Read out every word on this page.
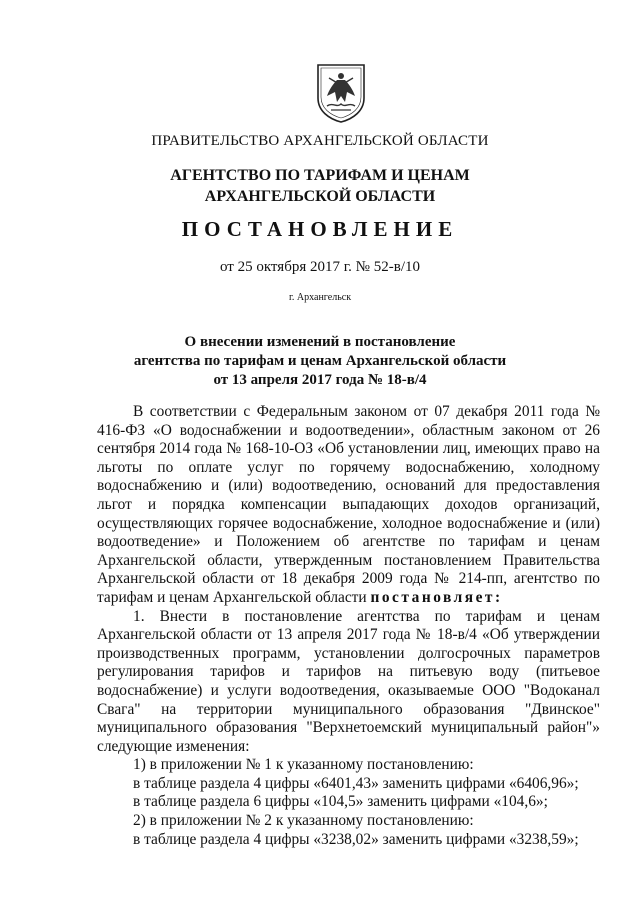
ПРАВИТЕЛЬСТВО АРХАНГЕЛЬСКОЙ ОБЛАСТИ
АГЕНТСТВО ПО ТАРИФАМ И ЦЕНАМ
АРХАНГЕЛЬСКОЙ ОБЛАСТИ
ПОСТАНОВЛЕНИЕ
от 25 октября 2017 г. № 52-в/10
г. Архангельск
О внесении изменений в постановление
агентства по тарифам и ценам Архангельской области
от 13 апреля 2017 года № 18-в/4

В соответствии с Федеральным законом от 07 декабря 2011 года № 416-ФЗ «О водоснабжении и водоотведении», областным законом от 26 сентября 2014 года № 168-10-ОЗ «Об установлении лиц, имеющих право на льготы по оплате услуг по горячему водоснабжению, холодному водоснабжению и (или) водоотведению, оснований для предоставления льгот и порядка компенсации выпадающих доходов организаций, осуществляющих горячее водоснабжение, холодное водоснабжение и (или) водоотведение» и Положением об агентстве по тарифам и ценам Архангельской области, утвержденным постановлением Правительства Архангельской области от 18 декабря 2009 года № 214-пп, агентство по тарифам и ценам Архангельской области постановляет:

1. Внести в постановление агентства по тарифам и ценам Архангельской области от 13 апреля 2017 года № 18-в/4 «Об утверждении производственных программ, установлении долгосрочных параметров регулирования тарифов и тарифов на питьевую воду (питьевое водоснабжение) и услуги водоотведения, оказываемые ООО "Водоканал Свага" на территории муниципального образования "Двинское" муниципального образования "Верхнетоемский муниципальный район"» следующие изменения:

1) в приложении № 1 к указанному постановлению:

в таблице раздела 4 цифры «6401,43» заменить цифрами «6406,96»;

в таблице раздела 6 цифры «104,5» заменить цифрами «104,6»;

2) в приложении № 2 к указанному постановлению:

в таблице раздела 4 цифры «3238,02» заменить цифрами «3238,59»;
